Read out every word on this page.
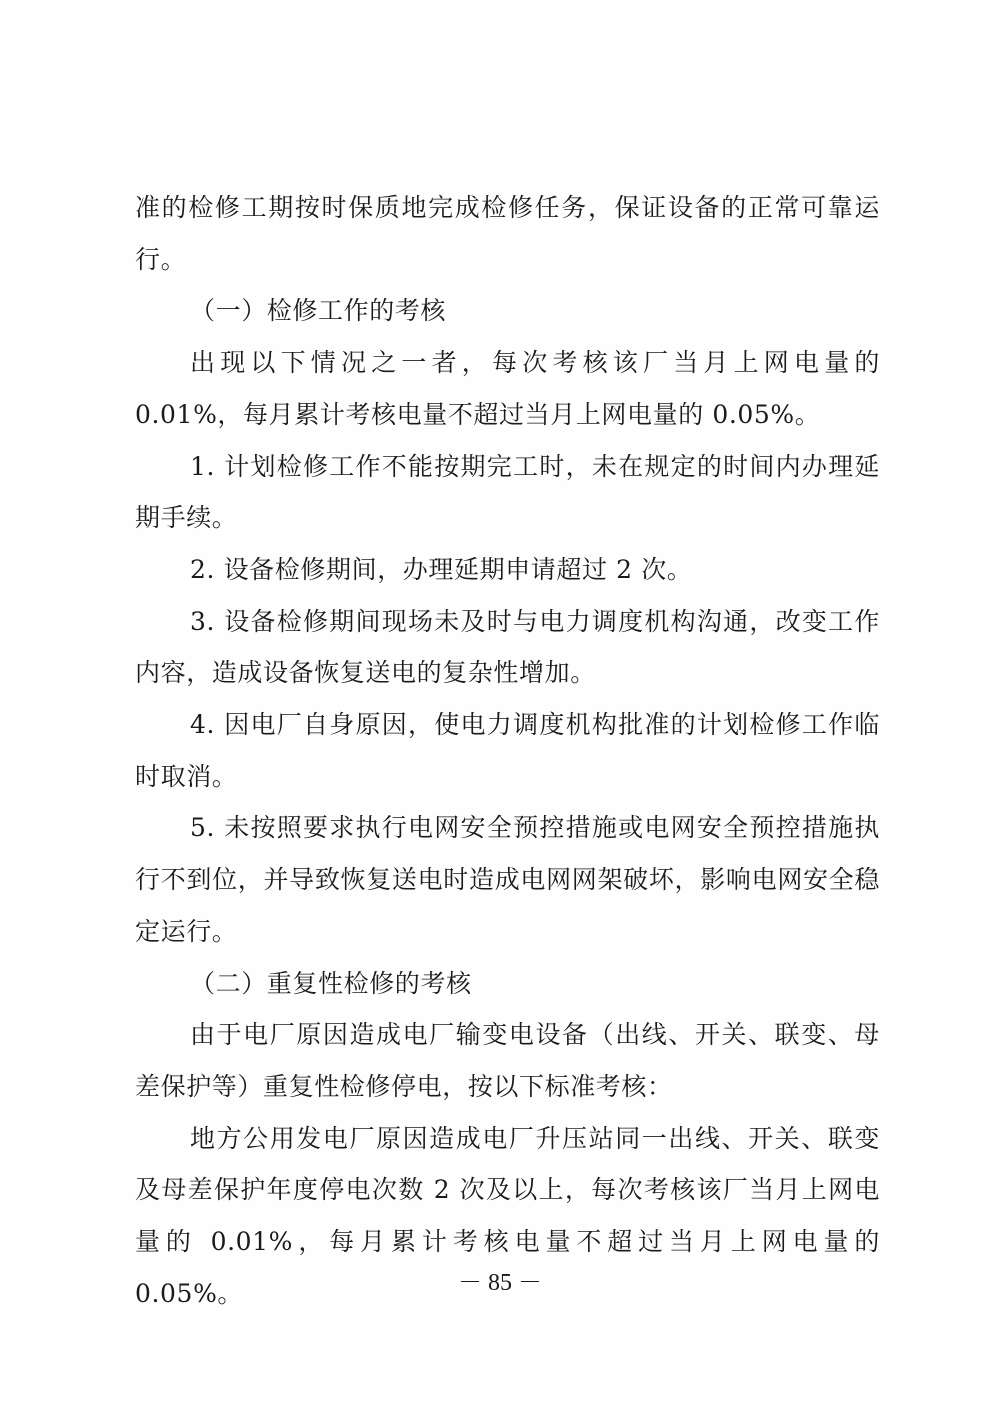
准的检修工期按时保质地完成检修任务，保证设备的正常可靠运行。

（一）检修工作的考核

出现以下情况之一者，每次考核该厂当月上网电量的 0.01%，每月累计考核电量不超过当月上网电量的 0.05%。

1. 计划检修工作不能按期完工时，未在规定的时间内办理延期手续。

2. 设备检修期间，办理延期申请超过 2 次。

3. 设备检修期间现场未及时与电力调度机构沟通，改变工作内容，造成设备恢复送电的复杂性增加。

4. 因电厂自身原因，使电力调度机构批准的计划检修工作临时取消。

5. 未按照要求执行电网安全预控措施或电网安全预控措施执行不到位，并导致恢复送电时造成电网网架破坏，影响电网安全稳定运行。

（二）重复性检修的考核

由于电厂原因造成电厂输变电设备（出线、开关、联变、母差保护等）重复性检修停电，按以下标准考核：

地方公用发电厂原因造成电厂升压站同一出线、开关、联变及母差保护年度停电次数 2 次及以上，每次考核该厂当月上网电量的 0.01%，每月累计考核电量不超过当月上网电量的 0.05%。	－ 85 －
